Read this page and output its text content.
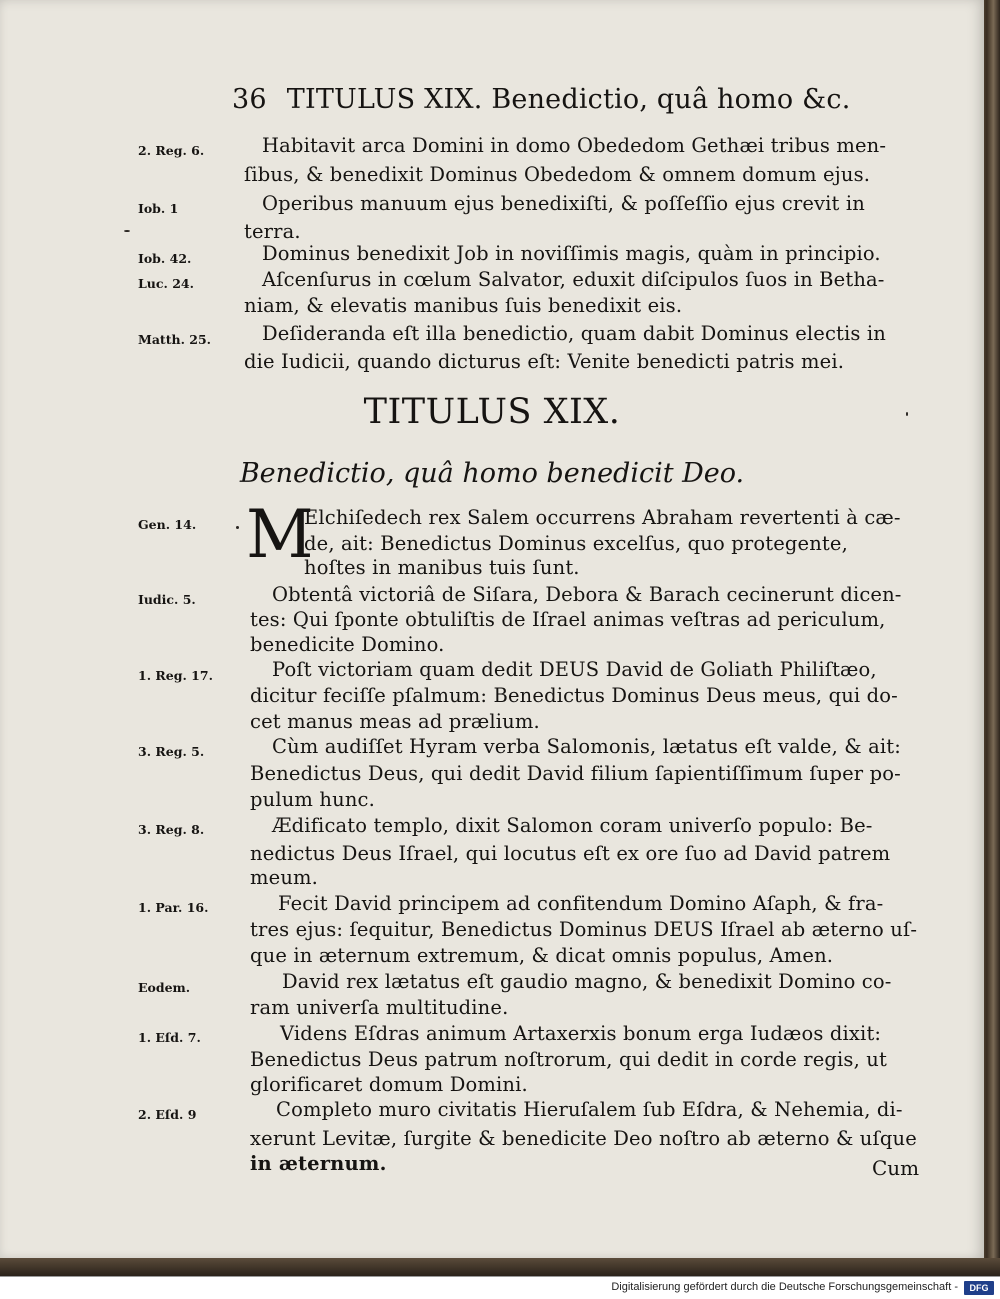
36 TITULUS XIX. Benedictio, quâ homo &c.
2. Reg. 6.	Habitavit arca Domini in domo Obededom Gethæi tribus men-
ſibus, & benedixit Dominus Obededom & omnem domum ejus.
Iob. 1	Operibus manuum ejus benedixiſti, & poſſeſſio ejus crevit in
terra.
Iob. 42.	Dominus benedixit Job in noviſſimis magis, quàm in principio.
Luc. 24.	Aſcenſurus in cœlum Salvator, eduxit diſcipulos ſuos in Betha-
niam, & elevatis manibus ſuis benedixit eis.
Matth. 25.	Deſideranda eſt illa benedictio, quam dabit Dominus electis in
die Iudicii, quando dicturus eſt: Venite benedicti patris mei.
TITULUS XIX.
Benedictio, quâ homo benedicit Deo.
Gen. 14. M
Elchiſedech rex Salem occurrens Abraham revertenti à cæ-
de, ait: Benedictus Dominus excelſus, quo protegente,
hoſtes in manibus tuis ſunt.
Iudic. 5.	Obtentâ victoriâ de Siſara, Debora & Barach cecinerunt dicen-
tes: Qui ſponte obtuliſtis de Iſrael animas veſtras ad periculum,
benedicite Domino.
1. Reg. 17.	Poſt victoriam quam dedit DEUS David de Goliath Philiſtæo,
dicitur feciſſe pſalmum: Benedictus Dominus Deus meus, qui do-
cet manus meas ad prælium.
3. Reg. 5.	Cùm audiſſet Hyram verba Salomonis, lætatus eſt valde, & ait:
Benedictus Deus, qui dedit David filium ſapientiſſimum ſuper po-
pulum hunc.
3. Reg. 8.	Ædificato templo, dixit Salomon coram univerſo populo: Be-
nedictus Deus Iſrael, qui locutus eſt ex ore ſuo ad David patrem
meum.
1. Par. 16.	Fecit David principem ad confitendum Domino Aſaph, & fra-
tres ejus: ſequitur, Benedictus Dominus DEUS Iſrael ab æterno uſ-
que in æternum extremum, & dicat omnis populus, Amen.
Eodem.	David rex lætatus eſt gaudio magno, & benedixit Domino co-
ram univerſa multitudine.
1. Eſd. 7.	Videns Eſdras animum Artaxerxis bonum erga Iudæos dixit:
Benedictus Deus patrum noſtrorum, qui dedit in corde regis, ut
glorificaret domum Domini.
2. Eſd. 9	Completo muro civitatis Hieruſalem ſub Eſdra, & Nehemia, di-
xerunt Levitæ, ſurgite & benedicite Deo noſtro ab æterno & uſque
in æternum.	Cum
Digitalisierung gefördert durch die Deutsche Forschungsgemeinschaft -	DFG
